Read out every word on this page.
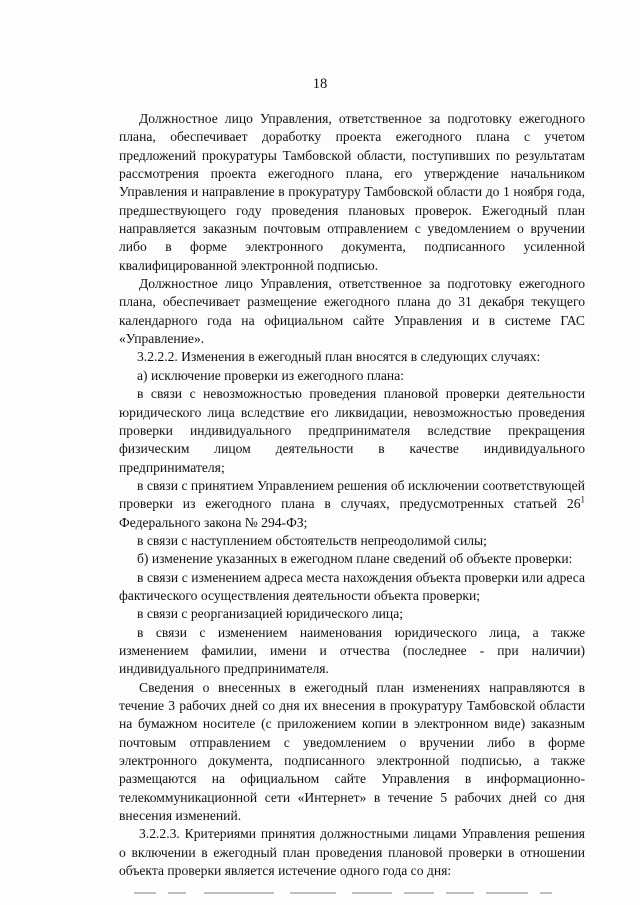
18

Должностное лицо Управления, ответственное за подготовку ежегодного плана, обеспечивает доработку проекта ежегодного плана с учетом предложений прокуратуры Тамбовской области, поступивших по результатам рассмотрения проекта ежегодного плана, его утверждение начальником Управления и направление в прокуратуру Тамбовской области до 1 ноября года, предшествующего году проведения плановых проверок. Ежегодный план направляется заказным почтовым отправлением с уведомлением о вручении либо в форме электронного документа, подписанного усиленной квалифицированной электронной подписью.

Должностное лицо Управления, ответственное за подготовку ежегодного плана, обеспечивает размещение ежегодного плана до 31 декабря текущего календарного года на официальном сайте Управления и в системе ГАС «Управление».

3.2.2.2. Изменения в ежегодный план вносятся в следующих случаях:

а) исключение проверки из ежегодного плана:

в связи с невозможностью проведения плановой проверки деятельности юридического лица вследствие его ликвидации, невозможностью проведения проверки индивидуального предпринимателя вследствие прекращения физическим лицом деятельности в качестве индивидуального предпринимателя;

в связи с принятием Управлением решения об исключении соответствующей проверки из ежегодного плана в случаях, предусмотренных статьей $26^1$ Федерального закона № 294-ФЗ;

в связи с наступлением обстоятельств непреодолимой силы;

б) изменение указанных в ежегодном плане сведений об объекте проверки:

в связи с изменением адреса места нахождения объекта проверки или адреса фактического осуществления деятельности объекта проверки;

в связи с реорганизацией юридического лица;

в связи с изменением наименования юридического лица, а также изменением фамилии, имени и отчества (последнее - при наличии) индивидуального предпринимателя.

Сведения о внесенных в ежегодный план изменениях направляются в течение 3 рабочих дней со дня их внесения в прокуратуру Тамбовской области на бумажном носителе (с приложением копии в электронном виде) заказным почтовым отправлением с уведомлением о вручении либо в форме электронного документа, подписанного электронной подписью, а также размещаются на официальном сайте Управления в информационно-телекоммуникационной сети «Интернет» в течение 5 рабочих дней со дня внесения изменений.

3.2.2.3. Критериями принятия должностными лицами Управления решения о включении в ежегодный план проведения плановой проверки в отношении объекта проверки является истечение одного года со дня:
